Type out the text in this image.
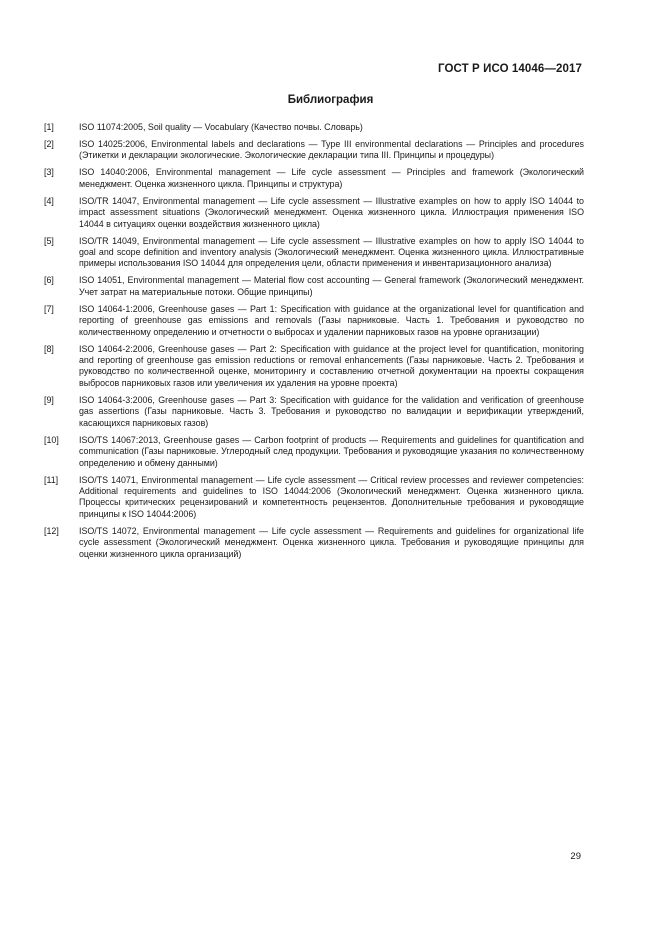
ГОСТ Р ИСО 14046—2017
Библиография
[1]	ISO 11074:2005, Soil quality — Vocabulary (Качество почвы. Словарь)
[2]	ISO 14025:2006, Environmental labels and declarations — Type III environmental declarations — Principles and procedures (Этикетки и декларации экологические. Экологические декларации типа III. Принципы и процедуры)
[3]	ISO 14040:2006, Environmental management — Life cycle assessment — Principles and framework (Экологический менеджмент. Оценка жизненного цикла. Принципы и структура)
[4]	ISO/TR 14047, Environmental management — Life cycle assessment — Illustrative examples on how to apply ISO 14044 to impact assessment situations (Экологический менеджмент. Оценка жизненного цикла. Иллюстрация применения ISO 14044 в ситуациях оценки воздействия жизненного цикла)
[5]	ISO/TR 14049, Environmental management — Life cycle assessment — Illustrative examples on how to apply ISO 14044 to goal and scope definition and inventory analysis (Экологический менеджмент. Оценка жизненного цикла. Иллюстративные примеры использования ISO 14044 для определения цели, области применения и инвентаризационного анализа)
[6]	ISO 14051, Environmental management — Material flow cost accounting — General framework (Экологический менеджмент. Учет затрат на материальные потоки. Общие принципы)
[7]	ISO 14064-1:2006, Greenhouse gases — Part 1: Specification with guidance at the organizational level for quantification and reporting of greenhouse gas emissions and removals (Газы парниковые. Часть 1. Требования и руководство по количественному определению и отчетности о выбросах и удалении парниковых газов на уровне организации)
[8]	ISO 14064-2:2006, Greenhouse gases — Part 2: Specification with guidance at the project level for quantification, monitoring and reporting of greenhouse gas emission reductions or removal enhancements (Газы парниковые. Часть 2. Требования и руководство по количественной оценке, мониторингу и составлению отчетной документации на проекты сокращения выбросов парниковых газов или увеличения их удаления на уровне проекта)
[9]	ISO 14064-3:2006, Greenhouse gases — Part 3: Specification with guidance for the validation and verification of greenhouse gas assertions (Газы парниковые. Часть 3. Требования и руководство по валидации и верификации утверждений, касающихся парниковых газов)
[10]	ISO/TS 14067:2013, Greenhouse gases — Carbon footprint of products — Requirements and guidelines for quantification and communication (Газы парниковые. Углеродный след продукции. Требования и руководящие указания по количественному определению и обмену данными)
[11]	ISO/TS 14071, Environmental management — Life cycle assessment — Critical review processes and reviewer competencies: Additional requirements and guidelines to ISO 14044:2006 (Экологический менеджмент. Оценка жизненного цикла. Процессы критических рецензирований и компетентность рецензентов. Дополнительные требования и руководящие принципы к ISO 14044:2006)
[12]	ISO/TS 14072, Environmental management — Life cycle assessment — Requirements and guidelines for organizational life cycle assessment (Экологический менеджмент. Оценка жизненного цикла. Требования и руководящие принципы для оценки жизненного цикла организаций)
29
